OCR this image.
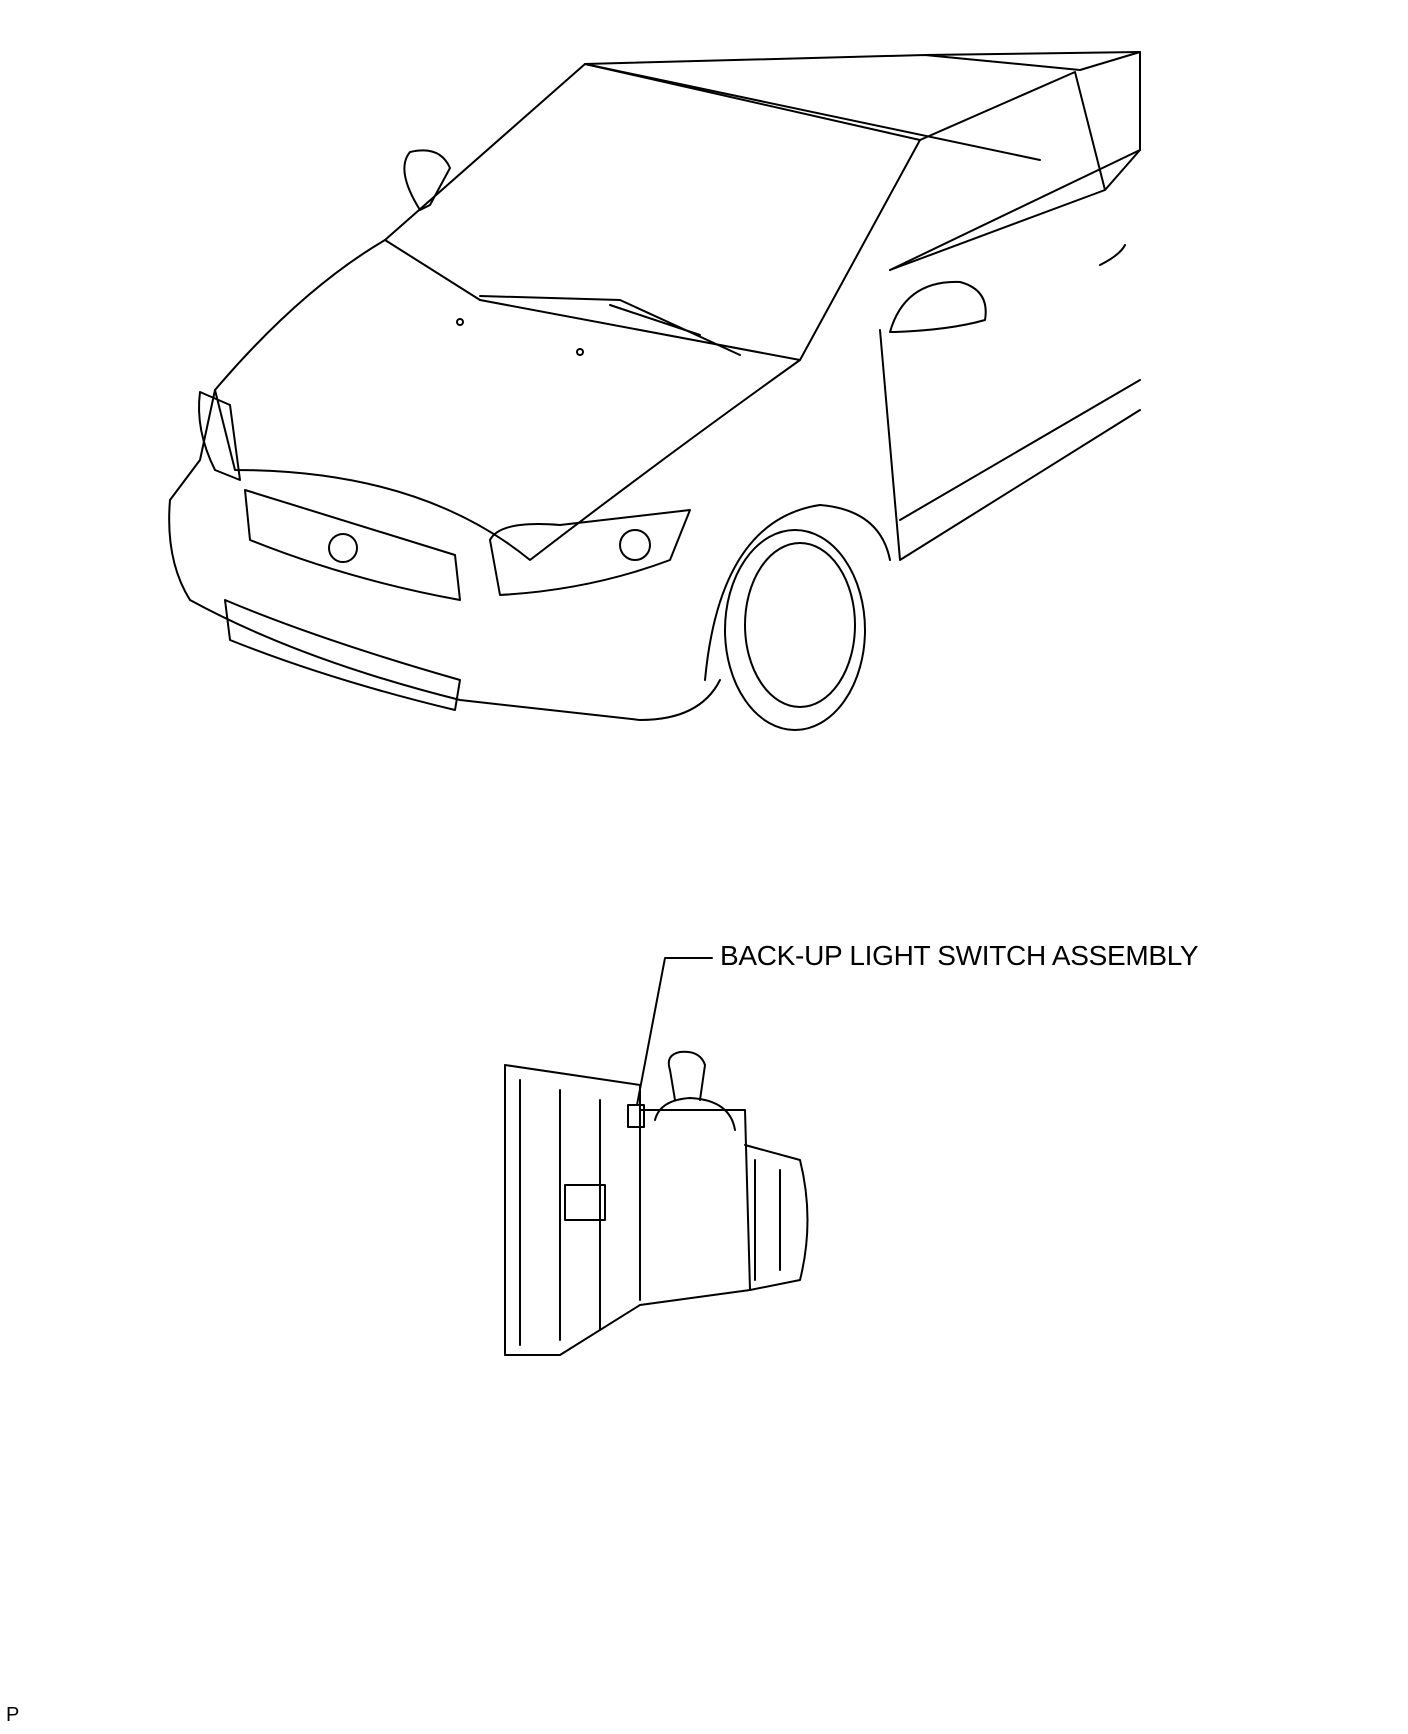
BACK-UP LIGHT SWITCH ASSEMBLY
P
